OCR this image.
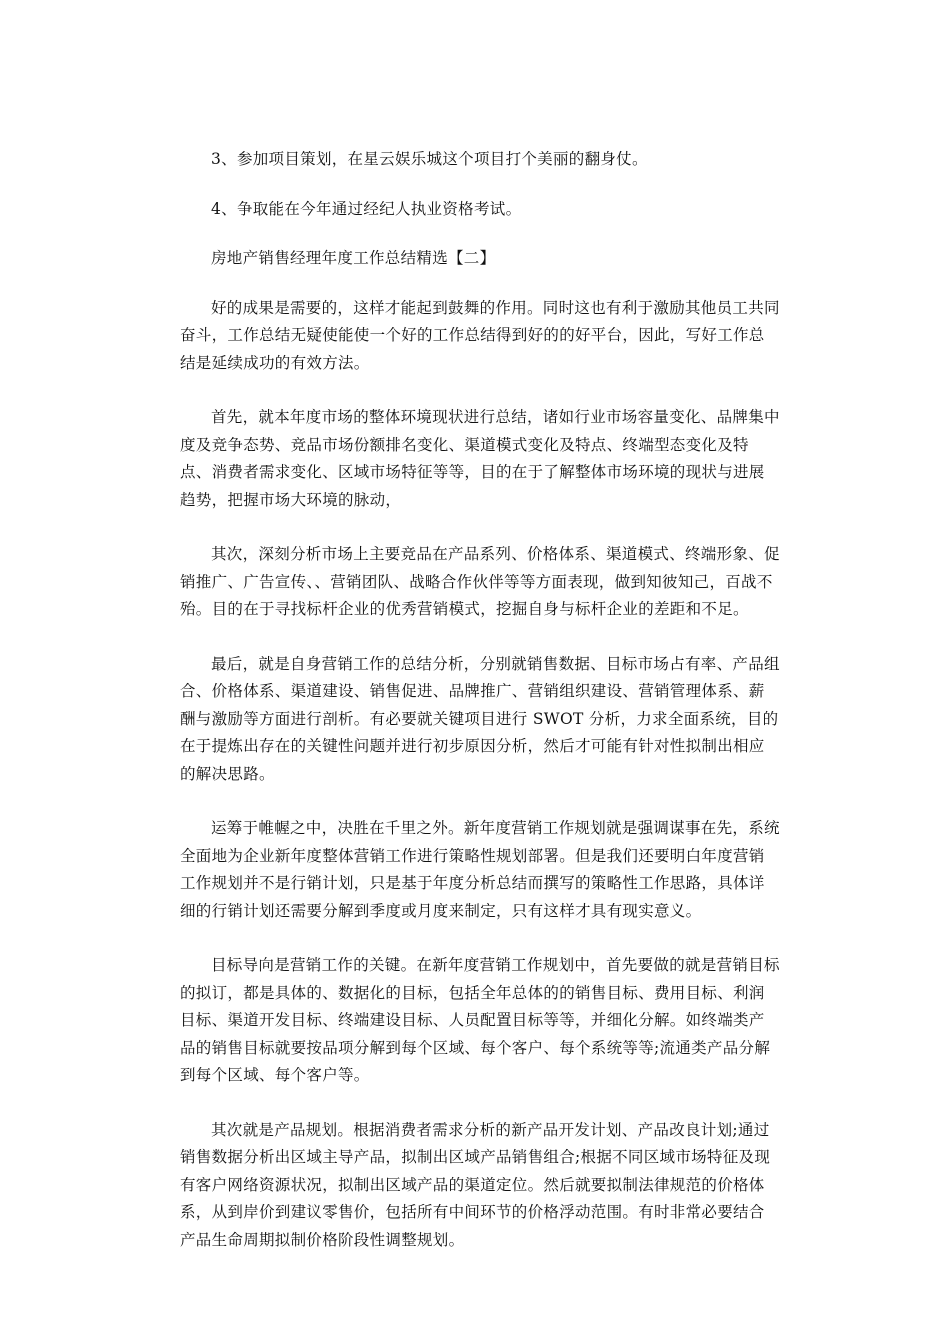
3、参加项目策划，在星云娱乐城这个项目打个美丽的翻身仗。

4、争取能在今年通过经纪人执业资格考试。

房地产销售经理年度工作总结精选【二】

好的成果是需要的，这样才能起到鼓舞的作用。同时这也有利于激励其他员工共同奋斗，工作总结无疑使能使一个好的工作总结得到好的的好平台，因此，写好工作总结是延续成功的有效方法。

首先，就本年度市场的整体环境现状进行总结，诸如行业市场容量变化、品牌集中度及竞争态势、竞品市场份额排名变化、渠道模式变化及特点、终端型态变化及特点、消费者需求变化、区域市场特征等等，目的在于了解整体市场环境的现状与进展趋势，把握市场大环境的脉动，

其次，深刻分析市场上主要竞品在产品系列、价格体系、渠道模式、终端形象、促销推广、广告宣传、、营销团队、战略合作伙伴等等方面表现，做到知彼知己，百战不殆。目的在于寻找标杆企业的优秀营销模式，挖掘自身与标杆企业的差距和不足。

最后，就是自身营销工作的总结分析，分别就销售数据、目标市场占有率、产品组合、价格体系、渠道建设、销售促进、品牌推广、营销组织建设、营销管理体系、薪酬与激励等方面进行剖析。有必要就关键项目进行 SWOT 分析，力求全面系统，目的在于提炼出存在的关键性问题并进行初步原因分析，然后才可能有针对性拟制出相应的解决思路。

运筹于帷幄之中，决胜在千里之外。新年度营销工作规划就是强调谋事在先，系统全面地为企业新年度整体营销工作进行策略性规划部署。但是我们还要明白年度营销工作规划并不是行销计划，只是基于年度分析总结而撰写的策略性工作思路，具体详细的行销计划还需要分解到季度或月度来制定，只有这样才具有现实意义。

目标导向是营销工作的关键。在新年度营销工作规划中，首先要做的就是营销目标的拟订，都是具体的、数据化的目标，包括全年总体的的销售目标、费用目标、利润目标、渠道开发目标、终端建设目标、人员配置目标等等，并细化分解。如终端类产品的销售目标就要按品项分解到每个区域、每个客户、每个系统等等;流通类产品分解到每个区域、每个客户等。

其次就是产品规划。根据消费者需求分析的新产品开发计划、产品改良计划;通过销售数据分析出区域主导产品，拟制出区域产品销售组合;根据不同区域市场特征及现有客户网络资源状况，拟制出区域产品的渠道定位。然后就要拟制法律规范的价格体系，从到岸价到建议零售价，包括所有中间环节的价格浮动范围。有时非常必要结合产品生命周期拟制价格阶段性调整规划。
